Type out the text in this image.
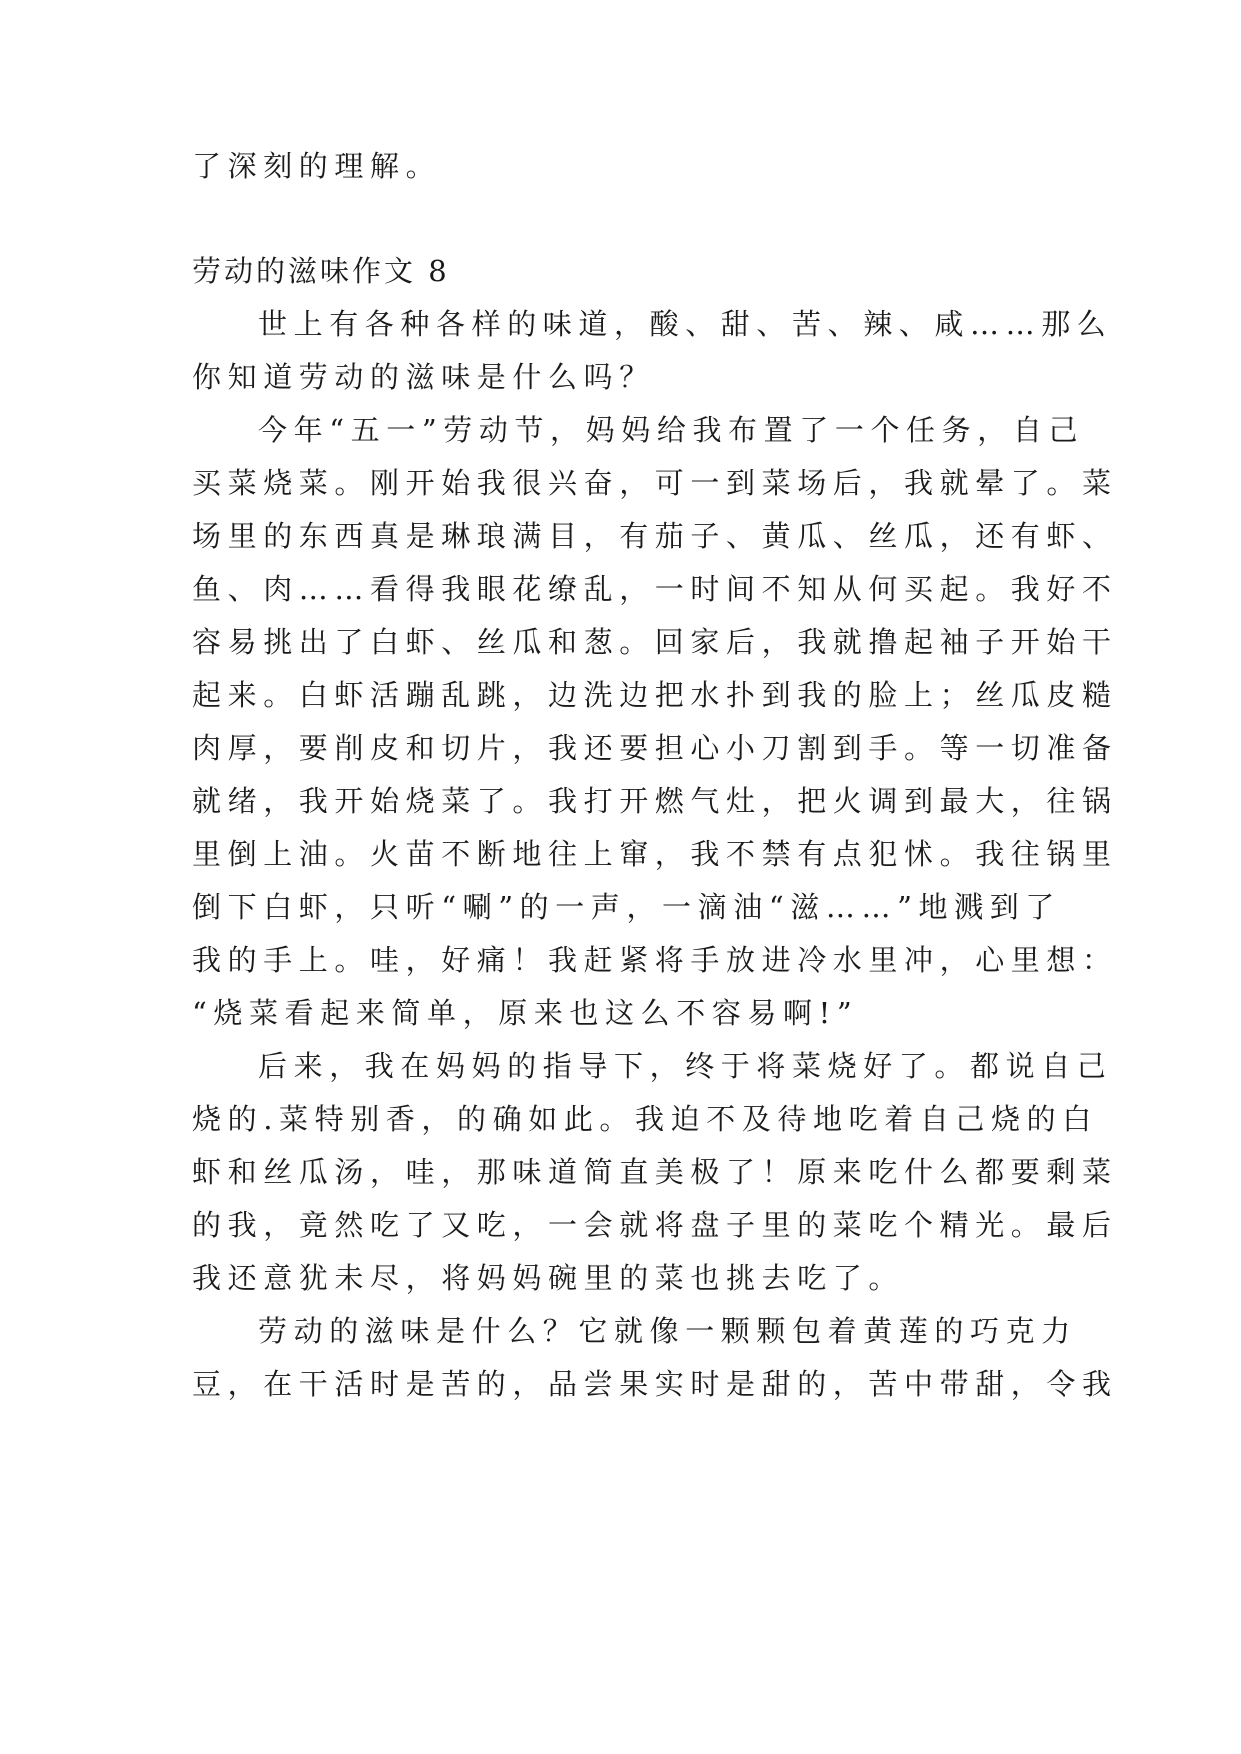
了深刻的理解。
劳动的滋味作文 8
世上有各种各样的味道，酸、甜、苦、辣、咸……那么
你知道劳动的滋味是什么吗？
今年“五一”劳动节，妈妈给我布置了一个任务，自己
买菜烧菜。刚开始我很兴奋，可一到菜场后，我就晕了。菜
场里的东西真是琳琅满目，有茄子、黄瓜、丝瓜，还有虾、
鱼、肉……看得我眼花缭乱，一时间不知从何买起。我好不
容易挑出了白虾、丝瓜和葱。回家后，我就撸起袖子开始干
起来。白虾活蹦乱跳，边洗边把水扑到我的脸上；丝瓜皮糙
肉厚，要削皮和切片，我还要担心小刀割到手。等一切准备
就绪，我开始烧菜了。我打开燃气灶，把火调到最大，往锅
里倒上油。火苗不断地往上窜，我不禁有点犯怵。我往锅里
倒下白虾，只听“唰”的一声，一滴油“滋……”地溅到了
我的手上。哇，好痛！我赶紧将手放进冷水里冲，心里想：
“烧菜看起来简单，原来也这么不容易啊!”
后来，我在妈妈的指导下，终于将菜烧好了。都说自己
烧的.菜特别香，的确如此。我迫不及待地吃着自己烧的白
虾和丝瓜汤，哇，那味道简直美极了！原来吃什么都要剩菜
的我，竟然吃了又吃，一会就将盘子里的菜吃个精光。最后
我还意犹未尽，将妈妈碗里的菜也挑去吃了。
劳动的滋味是什么？它就像一颗颗包着黄莲的巧克力
豆，在干活时是苦的，品尝果实时是甜的，苦中带甜，令我
